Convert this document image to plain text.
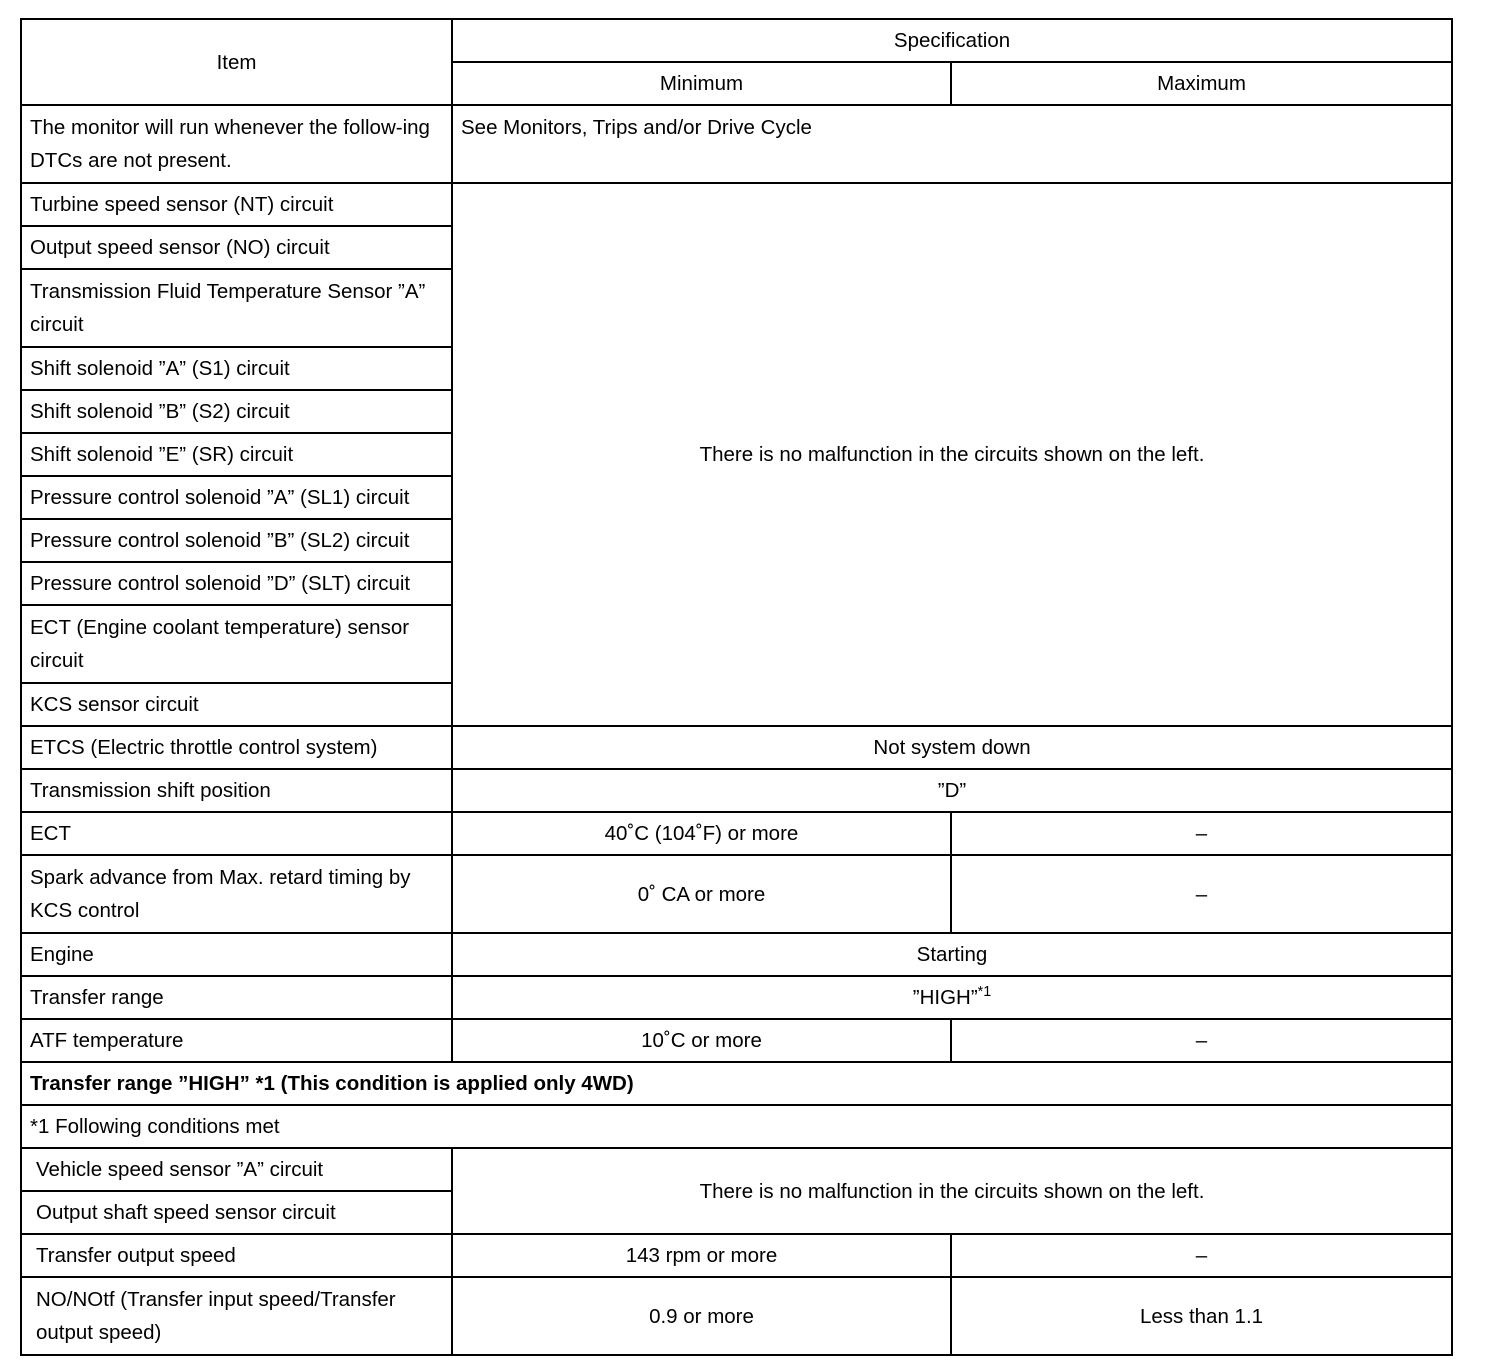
Item	Specification	
	Minimum	Maximum
The monitor will run whenever the follow-ing DTCs are not present.	See Monitors, Trips and/or Drive Cycle	
Turbine speed sensor (NT) circuit	There is no malfunction in the circuits shown on the left.	
Output speed sensor (NO) circuit		
Transmission Fluid Temperature Sensor ”A” circuit		
Shift solenoid ”A” (S1) circuit		
Shift solenoid ”B” (S2) circuit		
Shift solenoid ”E” (SR) circuit		
Pressure control solenoid ”A” (SL1) circuit		
Pressure control solenoid ”B” (SL2) circuit		
Pressure control solenoid ”D” (SLT) circuit		
ECT (Engine coolant temperature) sensor circuit		
KCS sensor circuit		
ETCS (Electric throttle control system)	Not system down	
Transmission shift position	”D”	
ECT	40˚C (104˚F) or more	–
Spark advance from Max. retard timing by KCS control	0˚ CA or more	–
Engine	Starting	
Transfer range	”HIGH”$^{*1}$
ATF temperature	10˚C or more	–
Transfer range ”HIGH” *1 (This condition is applied only 4WD)		
*1 Following conditions met		
Vehicle speed sensor ”A” circuit	There is no malfunction in the circuits shown on the left.	
Output shaft speed sensor circuit		
Transfer output speed	143 rpm or more	–
NO/NOtf (Transfer input speed/Transfer output speed)	0.9 or more	Less than 1.1
